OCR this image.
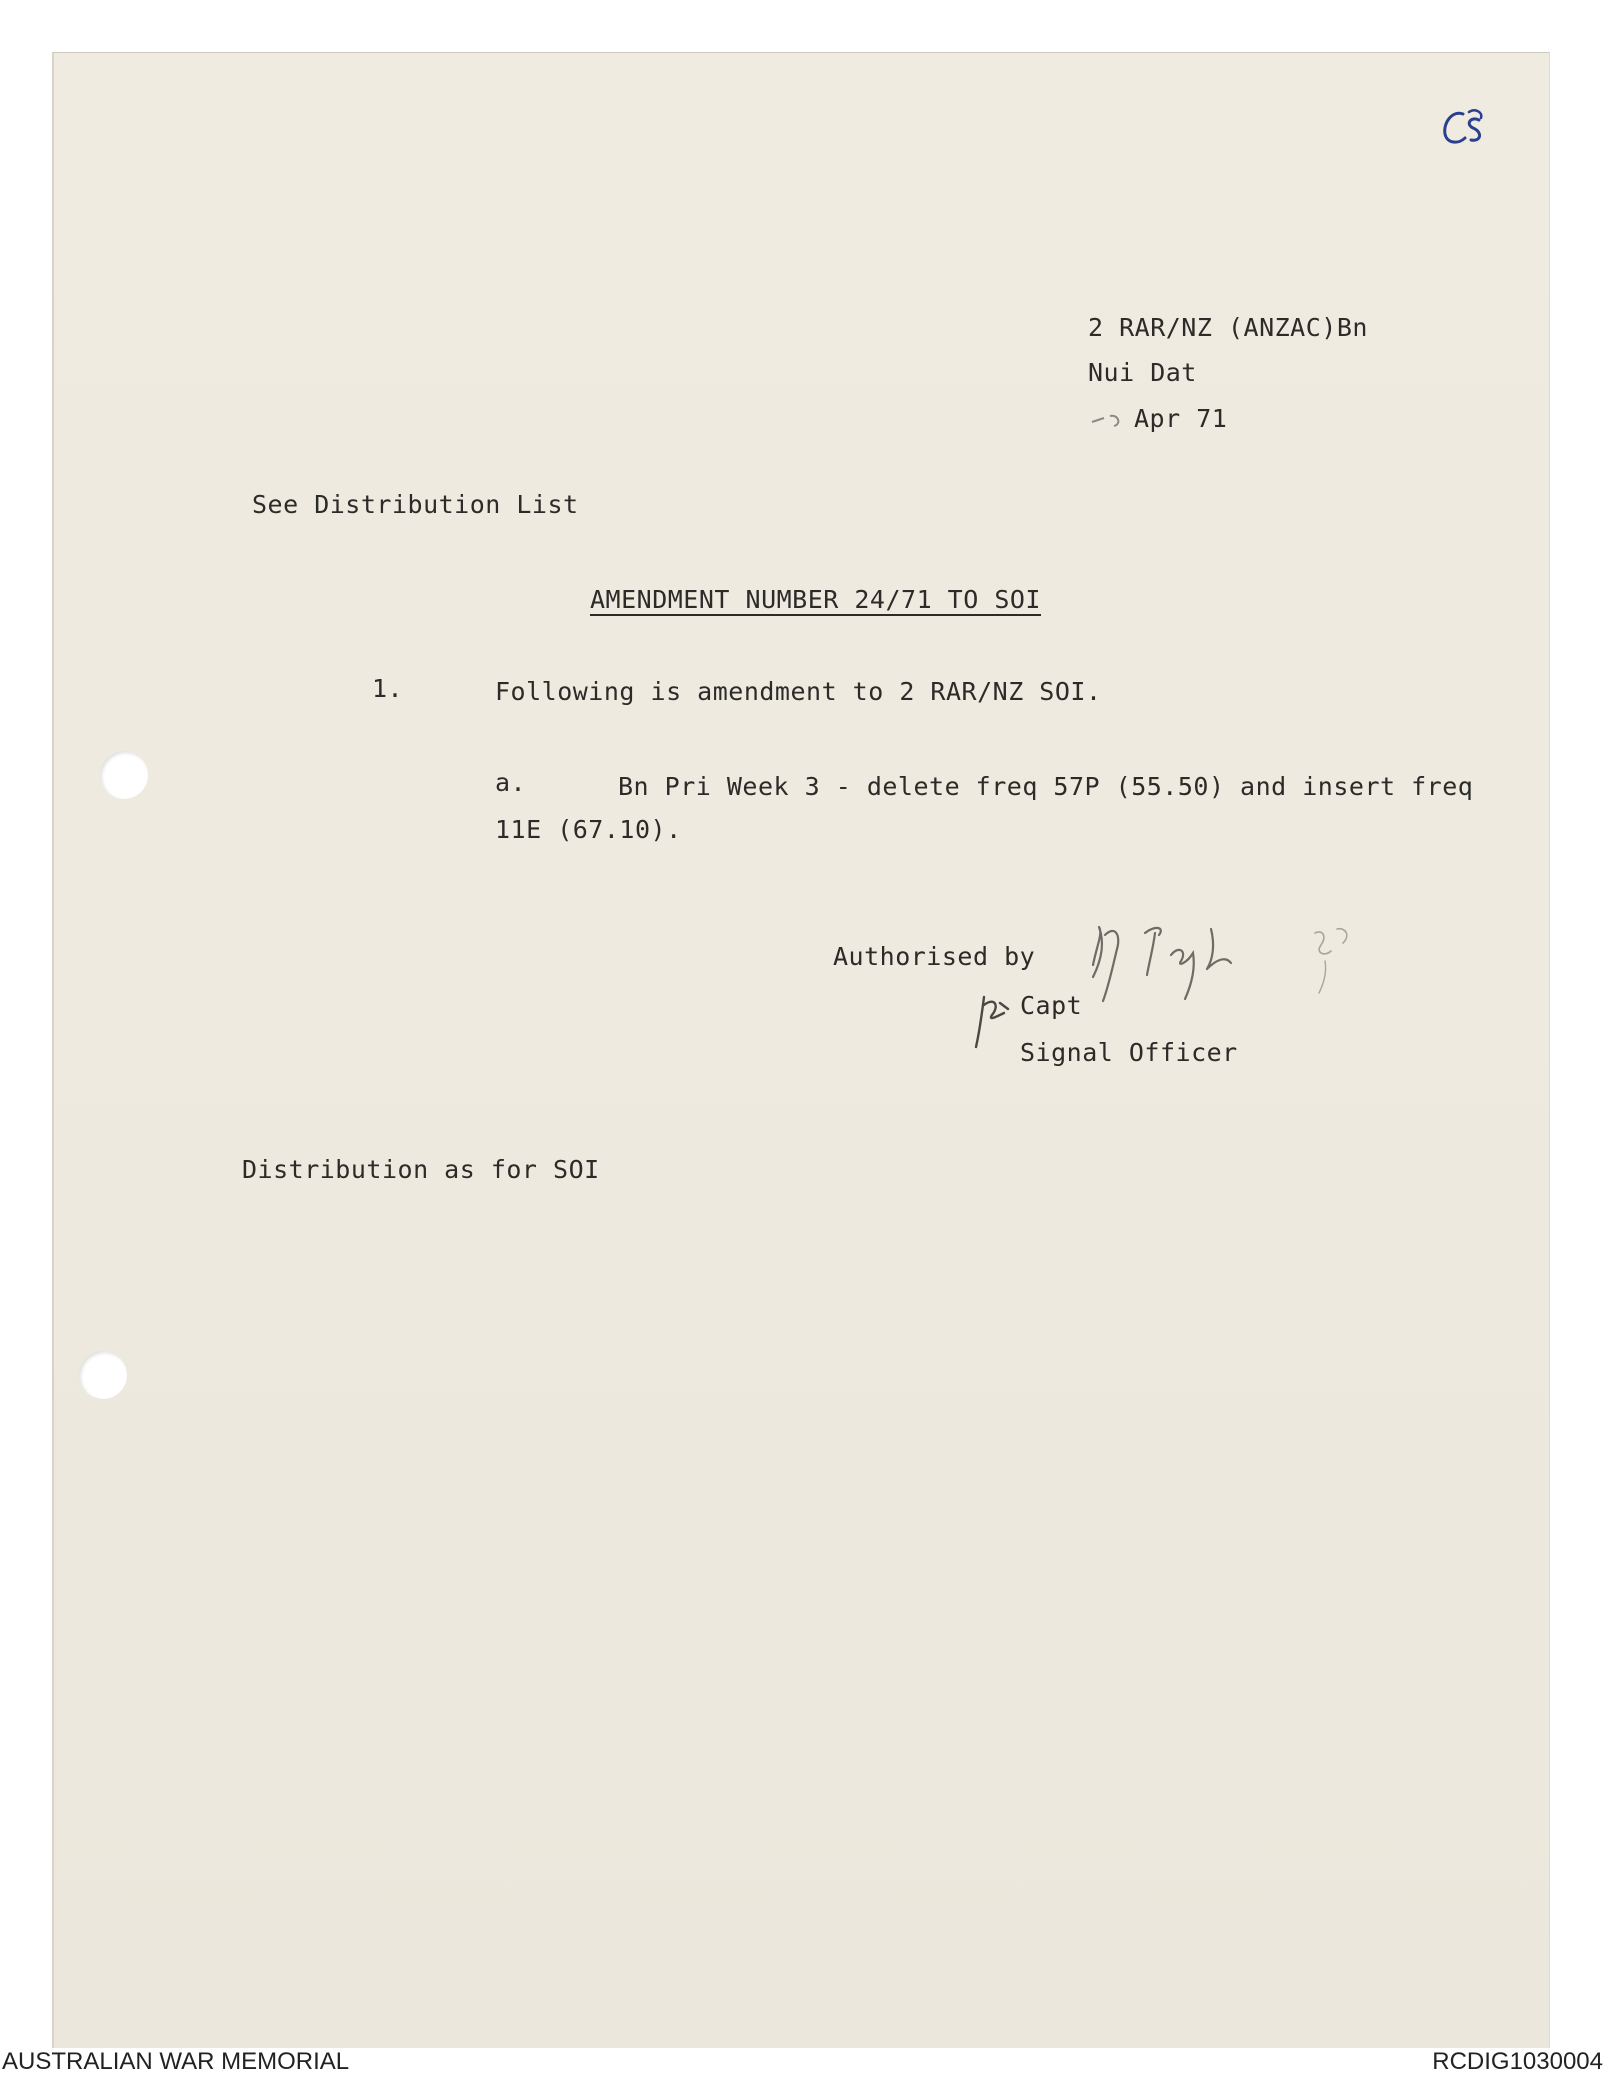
2 RAR/NZ (ANZAC)Bn
Nui Dat
Apr 71
See Distribution List
AMENDMENT NUMBER 24/71 TO SOI
1.	Following is amendment to 2 RAR/NZ SOI.
a.	Bn Pri Week 3 - delete freq 57P (55.50) and insert freq
11E (67.10).
Authorised by
Capt
Signal Officer
Distribution as for SOI
AUSTRALIAN WAR MEMORIAL	RCDIG1030004
